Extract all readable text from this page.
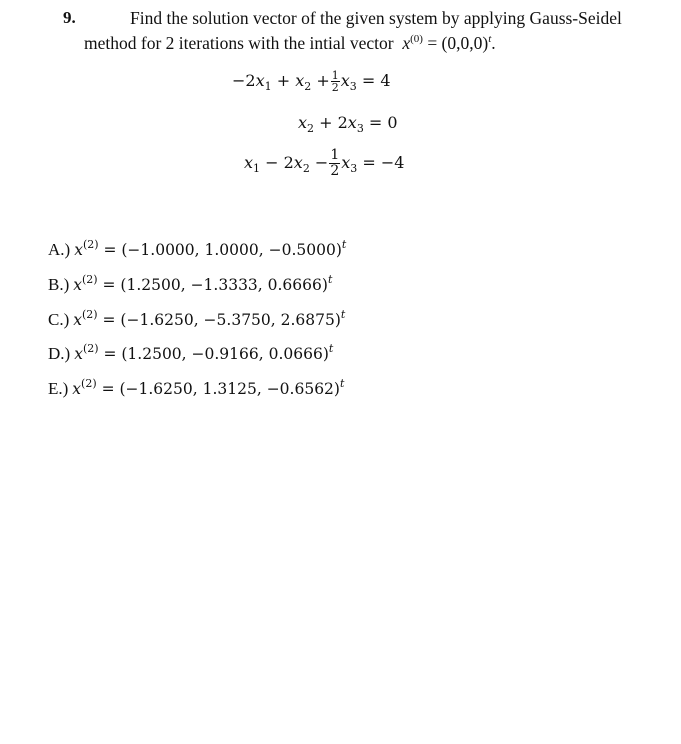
9.	Find the solution vector of the given system by applying Gauss-Seidel
method for 2 iterations with the intial vector $x^{(0)} = (0,0,0)^t$.
$-2x_1 + x_2 + \frac{1}{2} x_3 = 4$
$x_2 + 2x_3 = 0$
$x_1 - 2x_2 - \frac{1}{2} x_3 = -4$
A.) $x^{(2)} = (-1.0000$, 1.0000, −0.5000)$^t$
B.) $x^{(2)} = (1.2500$, −1.3333, 0.6666)$^t$
C.) $x^{(2)} = (-1.6250$, −5.3750, 2.6875)$^t$
D.) $x^{(2)} = (1.2500$, −0.9166, 0.0666)$^t$
E.) $x^{(2)} = (-1.6250$, 1.3125, −0.6562)$^t$
